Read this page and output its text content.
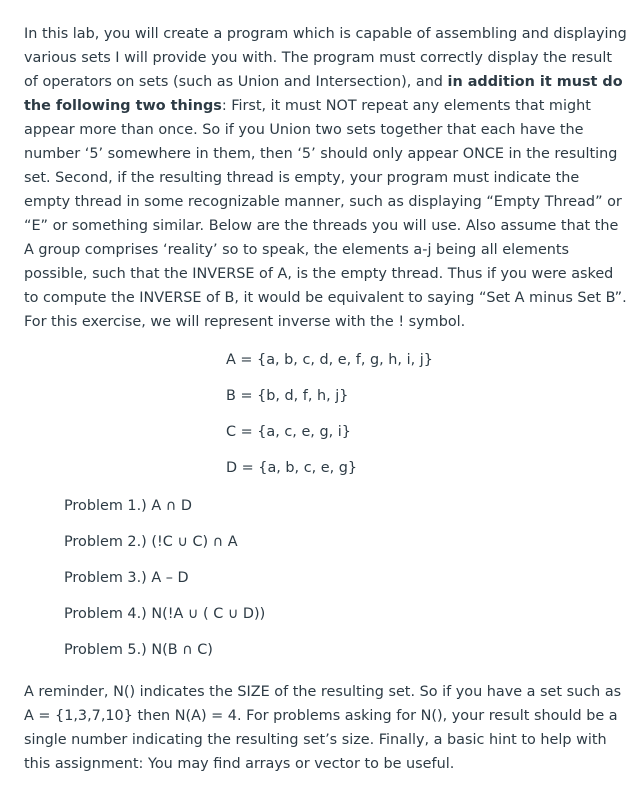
In this lab, you will create a program which is capable of assembling and displaying various sets I will provide you with. The program must correctly display the result of operators on sets (such as Union and Intersection), and in addition it must do the following two things: First, it must NOT repeat any elements that might appear more than once. So if you Union two sets together that each have the number ‘5’ somewhere in them, then ‘5’ should only appear ONCE in the resulting set. Second, if the resulting thread is empty, your program must indicate the empty thread in some recognizable manner, such as displaying “Empty Thread” or “E” or something similar. Below are the threads you will use. Also assume that the A group comprises ‘reality’ so to speak, the elements a-j being all elements possible, such that the INVERSE of A, is the empty thread. Thus if you were asked to compute the INVERSE of B, it would be equivalent to saying “Set A minus Set B”. For this exercise, we will represent inverse with the ! symbol.

A = {a, b, c, d, e, f, g, h, i, j}
B = {b, d, f, h, j}
C = {a, c, e, g, i}
D = {a, b, c, e, g}
Problem 1.) A ∩ D
Problem 2.) (!C ∪ C) ∩ A
Problem 3.) A – D
Problem 4.) N(!A ∪ ( C ∪ D))
Problem 5.) N(B ∩ C)

A reminder, N() indicates the SIZE of the resulting set. So if you have a set such as A = {1,3,7,10} then N(A) = 4. For problems asking for N(), your result should be a single number indicating the resulting set’s size. Finally, a basic hint to help with this assignment: You may find arrays or vector to be useful.
